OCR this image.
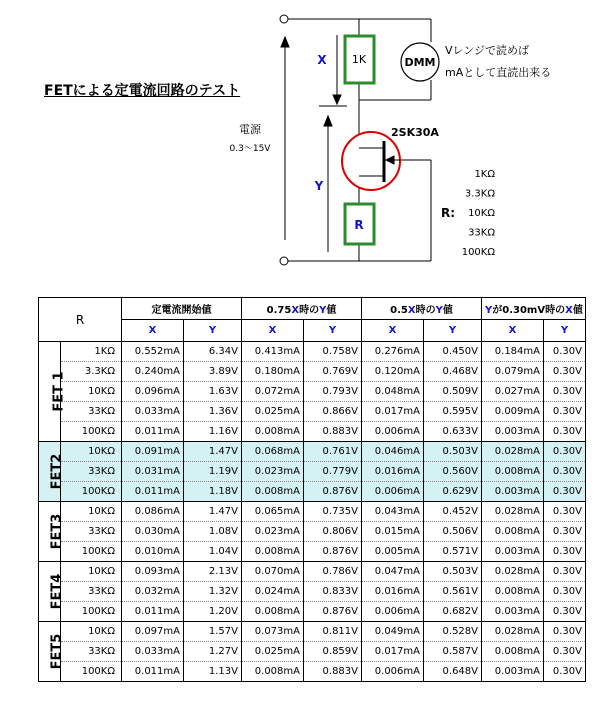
1K	DMM
Vレンジで読めば
mAとして直読出来る
X
Y
電源
0.3～15V
2SK30A
R
R:
1KΩ
3.3KΩ
10KΩ
33KΩ
100KΩ
FETによる定電流回路のテスト
R		定電流開始値		0.75X時のY値		0.5X時のY値		Yが0.30mV時のX値	
		X	Y	X	Y	X	Y	X	Y
FET 1	1KΩ	0.552mA	6.34V	0.413mA	0.758V	0.276mA	0.450V	0.184mA	0.30V
	3.3KΩ	0.240mA	3.89V	0.180mA	0.769V	0.120mA	0.468V	0.079mA	0.30V
	10KΩ	0.096mA	1.63V	0.072mA	0.793V	0.048mA	0.509V	0.027mA	0.30V
	33KΩ	0.033mA	1.36V	0.025mA	0.866V	0.017mA	0.595V	0.009mA	0.30V
	100KΩ	0.011mA	1.16V	0.008mA	0.883V	0.006mA	0.633V	0.003mA	0.30V
FET2	10KΩ	0.091mA	1.47V	0.068mA	0.761V	0.046mA	0.503V	0.028mA	0.30V
	33KΩ	0.031mA	1.19V	0.023mA	0.779V	0.016mA	0.560V	0.008mA	0.30V
	100KΩ	0.011mA	1.18V	0.008mA	0.876V	0.006mA	0.629V	0.003mA	0.30V
FET3	10KΩ	0.086mA	1.47V	0.065mA	0.735V	0.043mA	0.452V	0.028mA	0.30V
	33KΩ	0.030mA	1.08V	0.023mA	0.806V	0.015mA	0.506V	0.008mA	0.30V
	100KΩ	0.010mA	1.04V	0.008mA	0.876V	0.005mA	0.571V	0.003mA	0.30V
FET4	10KΩ	0.093mA	2.13V	0.070mA	0.786V	0.047mA	0.503V	0.028mA	0.30V
	33KΩ	0.032mA	1.32V	0.024mA	0.833V	0.016mA	0.561V	0.008mA	0.30V
	100KΩ	0.011mA	1.20V	0.008mA	0.876V	0.006mA	0.682V	0.003mA	0.30V
FET5	10KΩ	0.097mA	1.57V	0.073mA	0.811V	0.049mA	0.528V	0.028mA	0.30V
	33KΩ	0.033mA	1.27V	0.025mA	0.859V	0.017mA	0.587V	0.008mA	0.30V
	100KΩ	0.011mA	1.13V	0.008mA	0.883V	0.006mA	0.648V	0.003mA	0.30V
